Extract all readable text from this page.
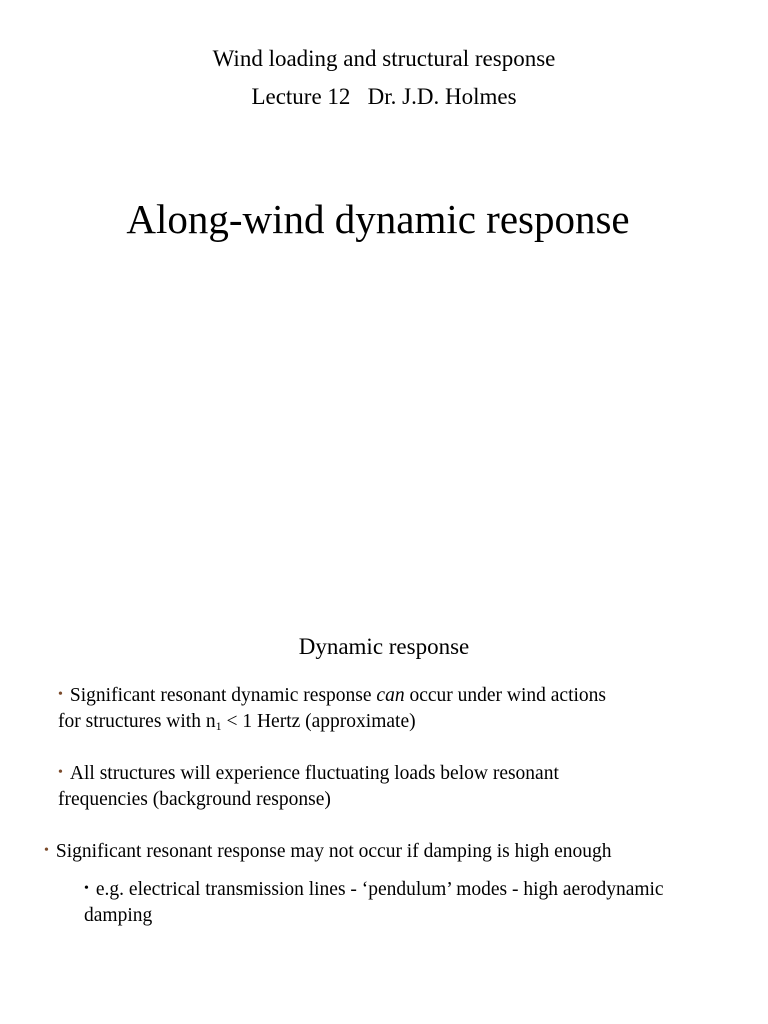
Wind loading and structural response
Lecture 12 Dr. J.D. Holmes
Along-wind dynamic response
Dynamic response
• Significant resonant dynamic response can occur under wind actions
for structures with $n_1 < 1$ Hertz (approximate)
• All structures will experience fluctuating loads below resonant
frequencies (background response)
• Significant resonant response may not occur if damping is high enough
• e.g. electrical transmission lines - ‘pendulum’ modes - high aerodynamic
damping
